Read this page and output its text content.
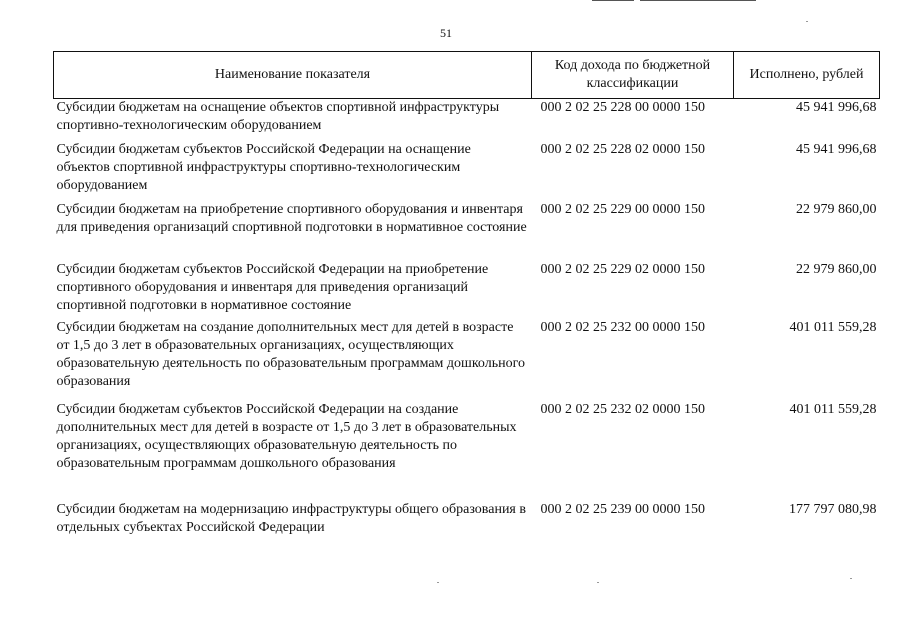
51
Наименование показателя	Код дохода по бюджетной классификации	Исполнено, рублей
Субсидии бюджетам на оснащение объектов спортивной инфраструктуры спортивно-технологическим оборудованием	000 2 02 25 228 00 0000 150	45 941 996,68
Субсидии бюджетам субъектов Российской Федерации на оснащение объектов спортивной инфраструктуры спортивно-технологическим оборудованием	000 2 02 25 228 02 0000 150	45 941 996,68
Субсидии бюджетам на приобретение спортивного оборудования и инвентаря для приведения организаций спортивной подготовки в нормативное состояние	000 2 02 25 229 00 0000 150	22 979 860,00
Субсидии бюджетам субъектов Российской Федерации на приобретение спортивного оборудования и инвентаря для приведения организаций спортивной подготовки в нормативное состояние	000 2 02 25 229 02 0000 150	22 979 860,00
Субсидии бюджетам на создание дополнительных мест для детей в возрасте от 1,5 до 3 лет в образовательных организациях, осуществляющих образовательную деятельность по образовательным программам дошкольного образования	000 2 02 25 232 00 0000 150	401 011 559,28
Субсидии бюджетам субъектов Российской Федерации на создание дополнительных мест для детей в возрасте от 1,5 до 3 лет в образовательных организациях, осуществляющих образовательную деятельность по образовательным программам дошкольного образования	000 2 02 25 232 02 0000 150	401 011 559,28
Субсидии бюджетам на модернизацию инфраструктуры общего образования в отдельных субъектах Российской Федерации	000 2 02 25 239 00 0000 150	177 797 080,98
